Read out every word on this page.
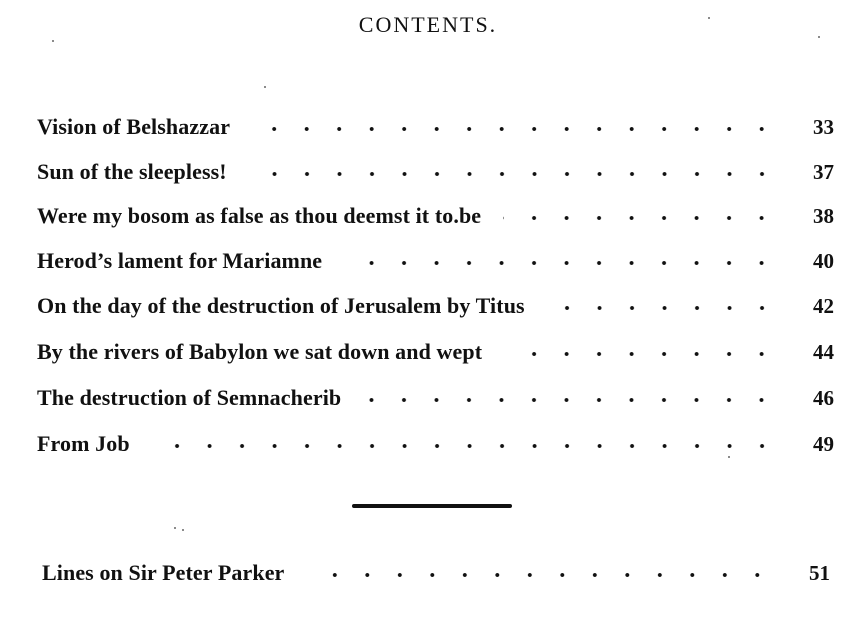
CONTENTS.
Vision of Belshazzar	33
Sun of the sleepless!	37
Were my bosom as false as thou deemst it to.be	38
Herod’s lament for Mariamne	40
On the day of the destruction of Jerusalem by Titus	42
By the rivers of Babylon we sat down and wept	44
The destruction of Semnacherib	46
From Job	49
Lines on Sir Peter Parker	51
